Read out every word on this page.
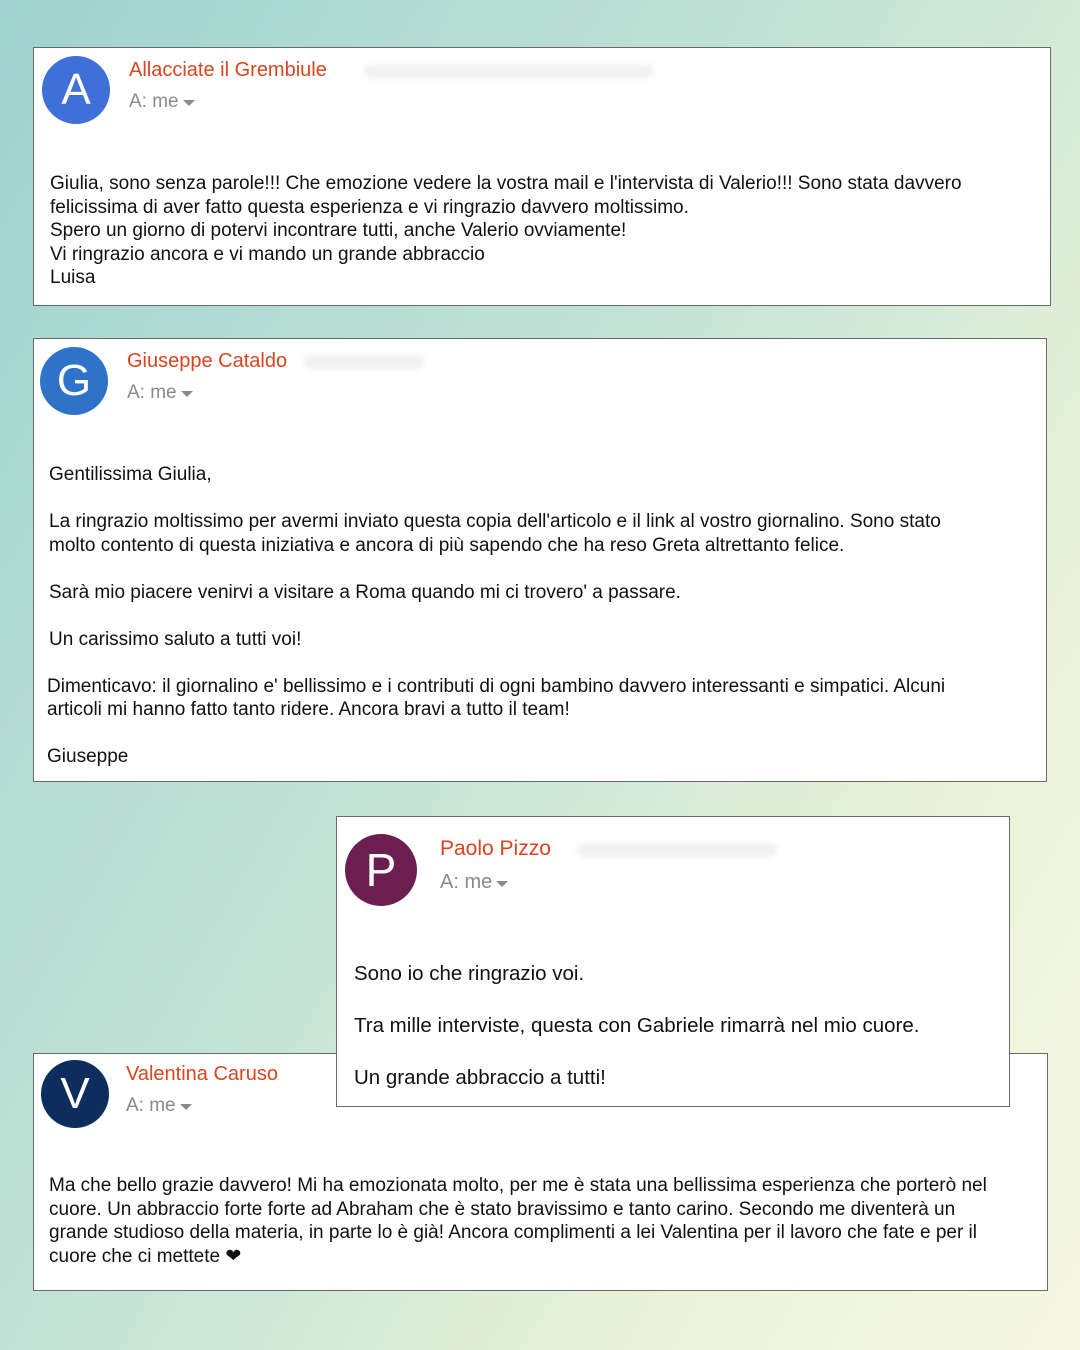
A	Allacciate il Grembiule
A: me

Giulia, sono senza parole!!! Che emozione vedere la vostra mail e l'intervista di Valerio!!! Sono stata davvero

felicissima di aver fatto questa esperienza e vi ringrazio davvero moltissimo.

Spero un giorno di potervi incontrare tutti, anche Valerio ovviamente!

Vi ringrazio ancora e vi mando un grande abbraccio

Luisa

G	Giuseppe Cataldo
A: me

Gentilissima Giulia,

La ringrazio moltissimo per avermi inviato questa copia dell'articolo e il link al vostro giornalino. Sono stato

molto contento di questa iniziativa e ancora di più sapendo che ha reso Greta altrettanto felice.

Sarà mio piacere venirvi a visitare a Roma quando mi ci trovero' a passare.

Un carissimo saluto a tutti voi!

Dimenticavo: il giornalino e' bellissimo e i contributi di ogni bambino davvero interessanti e simpatici. Alcuni

articoli mi hanno fatto tanto ridere. Ancora bravi a tutto il team!

Giuseppe

V	Valentina Caruso
A: me

Ma che bello grazie davvero! Mi ha emozionata molto, per me è stata una bellissima esperienza che porterò nel

cuore. Un abbraccio forte forte ad Abraham che è stato bravissimo e tanto carino. Secondo me diventerà un

grande studioso della materia, in parte lo è già! Ancora complimenti a lei Valentina per il lavoro che fate e per il

cuore che ci mettete ❤

P	Paolo Pizzo
A: me

Sono io che ringrazio voi.

Tra mille interviste, questa con Gabriele rimarrà nel mio cuore.

Un grande abbraccio a tutti!
